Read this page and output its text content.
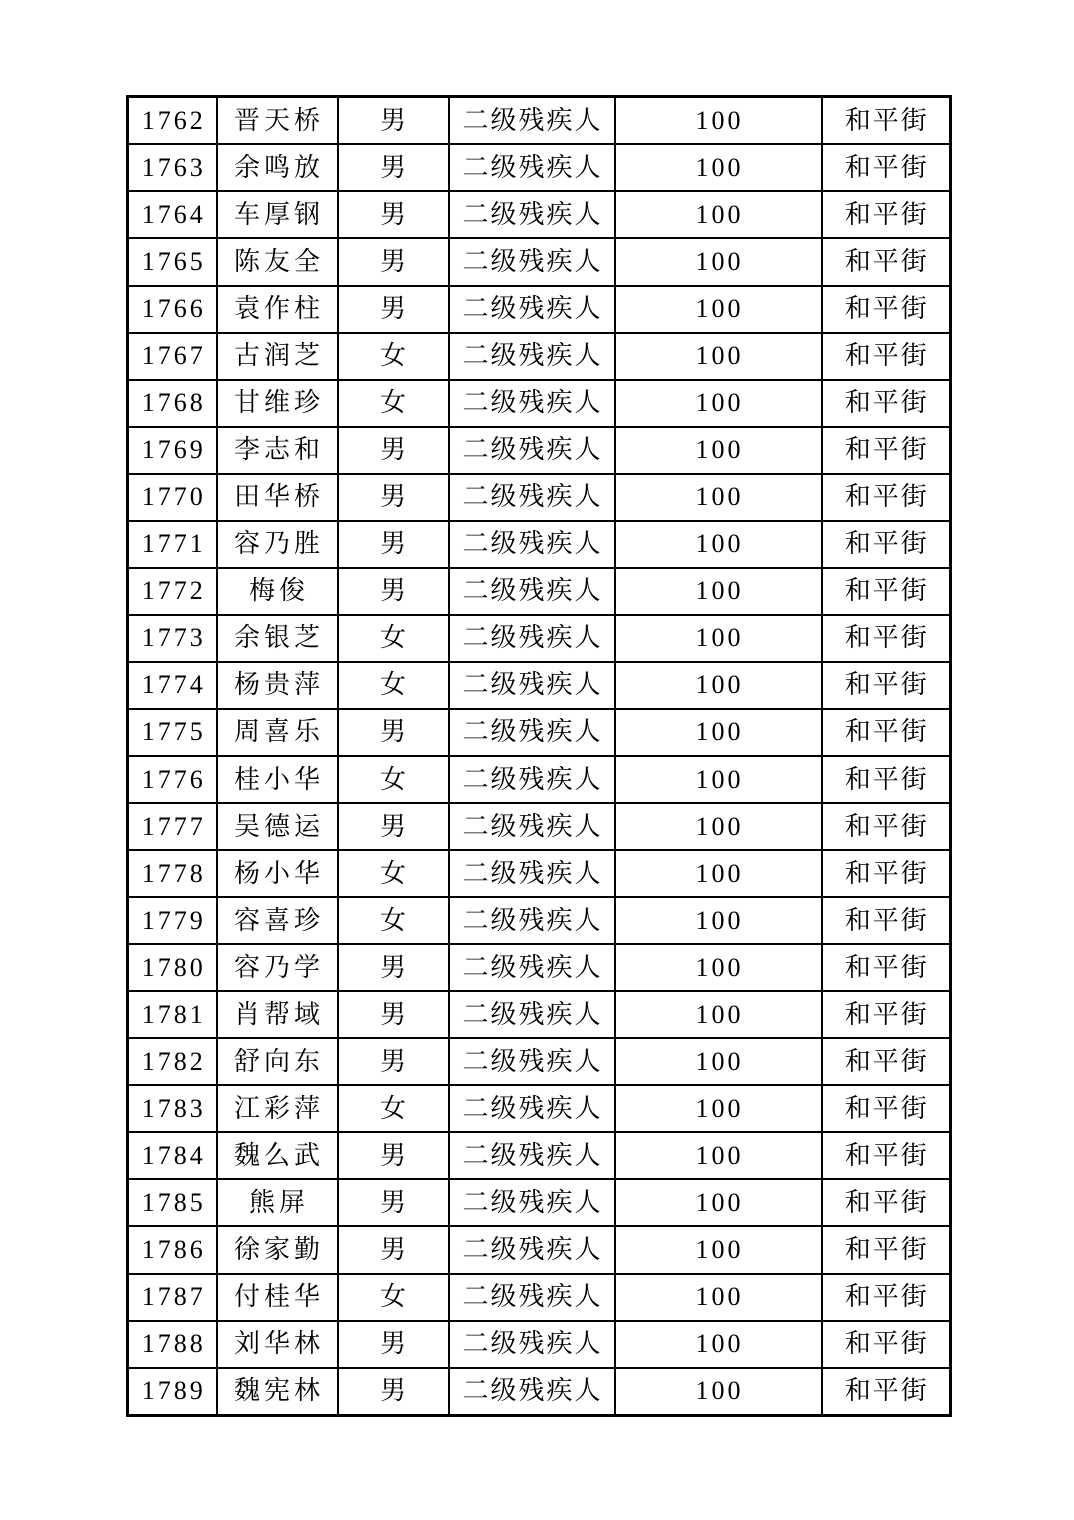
1762	晋天桥	男	二级残疾人	100	和平街
1763	余鸣放	男	二级残疾人	100	和平街
1764	车厚钢	男	二级残疾人	100	和平街
1765	陈友全	男	二级残疾人	100	和平街
1766	袁作柱	男	二级残疾人	100	和平街
1767	古润芝	女	二级残疾人	100	和平街
1768	甘维珍	女	二级残疾人	100	和平街
1769	李志和	男	二级残疾人	100	和平街
1770	田华桥	男	二级残疾人	100	和平街
1771	容乃胜	男	二级残疾人	100	和平街
1772	梅俊	男	二级残疾人	100	和平街
1773	余银芝	女	二级残疾人	100	和平街
1774	杨贵萍	女	二级残疾人	100	和平街
1775	周喜乐	男	二级残疾人	100	和平街
1776	桂小华	女	二级残疾人	100	和平街
1777	吴德运	男	二级残疾人	100	和平街
1778	杨小华	女	二级残疾人	100	和平街
1779	容喜珍	女	二级残疾人	100	和平街
1780	容乃学	男	二级残疾人	100	和平街
1781	肖帮域	男	二级残疾人	100	和平街
1782	舒向东	男	二级残疾人	100	和平街
1783	江彩萍	女	二级残疾人	100	和平街
1784	魏么武	男	二级残疾人	100	和平街
1785	熊屏	男	二级残疾人	100	和平街
1786	徐家勤	男	二级残疾人	100	和平街
1787	付桂华	女	二级残疾人	100	和平街
1788	刘华林	男	二级残疾人	100	和平街
1789	魏宪林	男	二级残疾人	100	和平街
